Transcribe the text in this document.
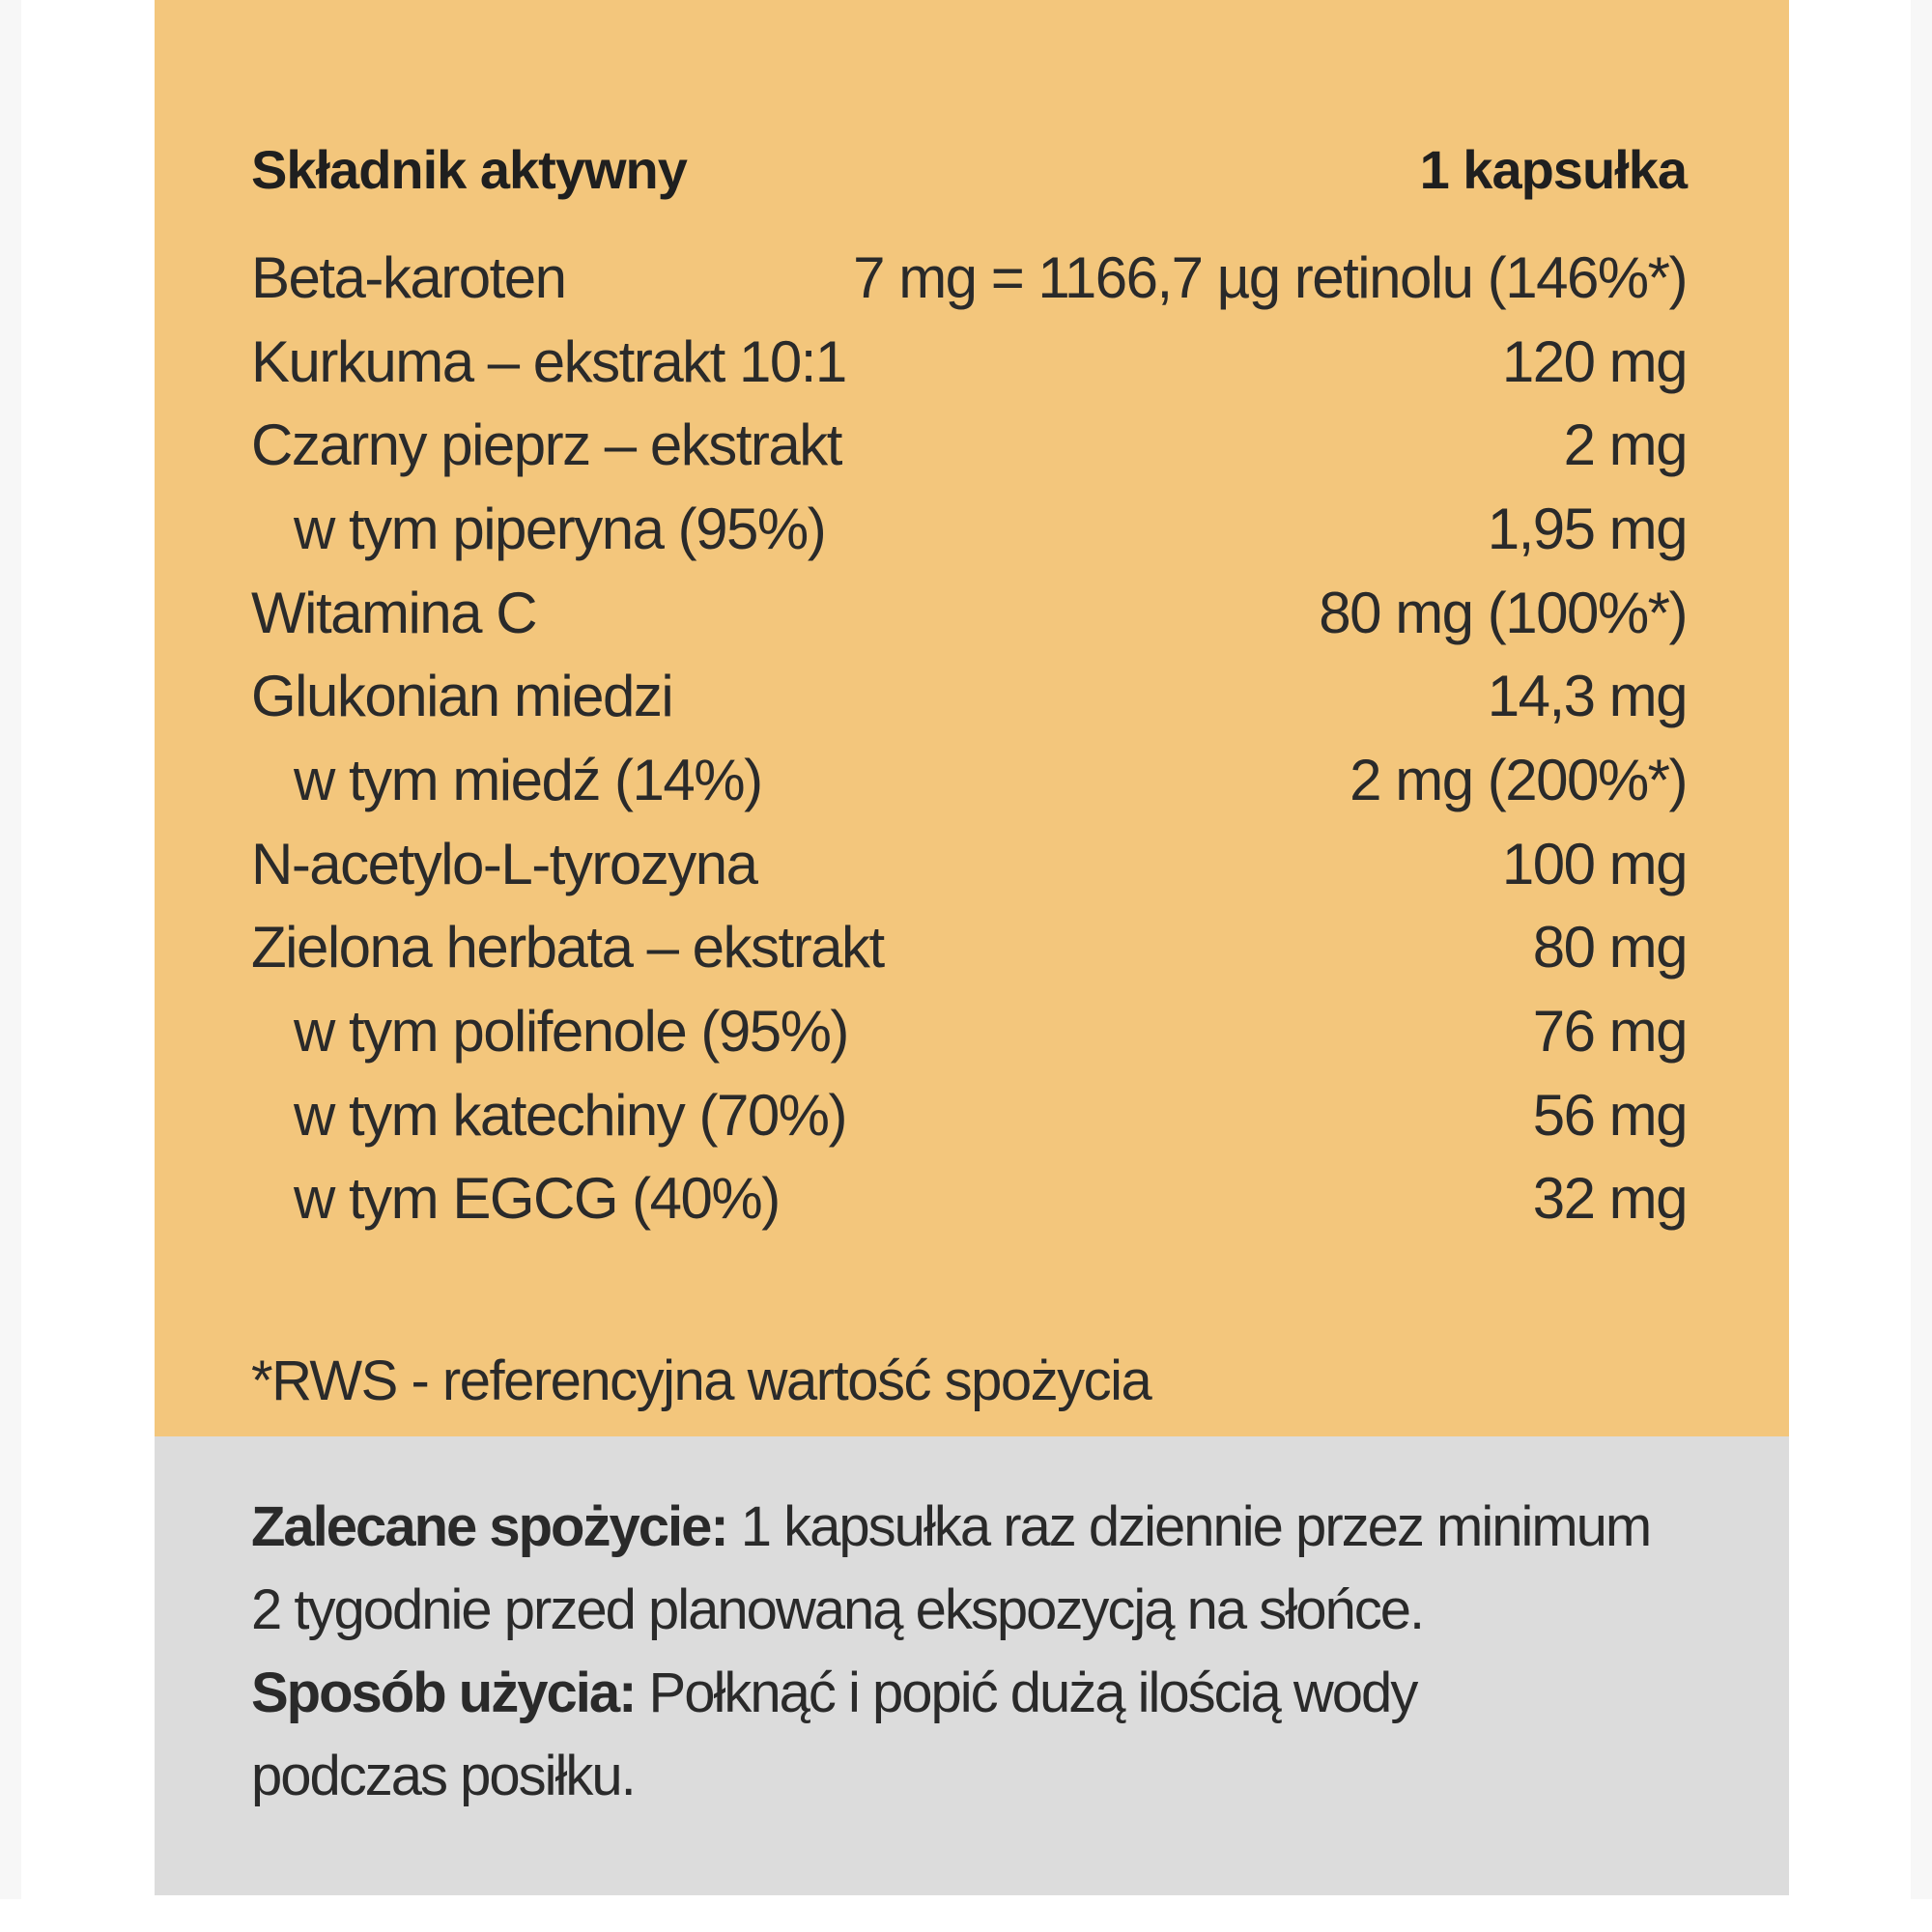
Składnik aktywny	1 kapsułka
Beta-karoten	7 mg = 1166,7 µg retinolu (146%*)
Kurkuma – ekstrakt 10:1	120 mg
Czarny pieprz – ekstrakt	2 mg
w tym piperyna (95%)	1,95 mg
Witamina C	80 mg (100%*)
Glukonian miedzi	14,3 mg
w tym miedź (14%)	2 mg (200%*)
N-acetylo-L-tyrozyna	100 mg
Zielona herbata – ekstrakt	80 mg
w tym polifenole (95%)	76 mg
w tym katechiny (70%)	56 mg
w tym EGCG (40%)	32 mg
*RWS - referencyjna wartość spożycia

Zalecane spożycie: 1 kapsułka raz dziennie przez minimum

2 tygodnie przed planowaną ekspozycją na słońce.

Sposób użycia: Połknąć i popić dużą ilością wody

podczas posiłku.
